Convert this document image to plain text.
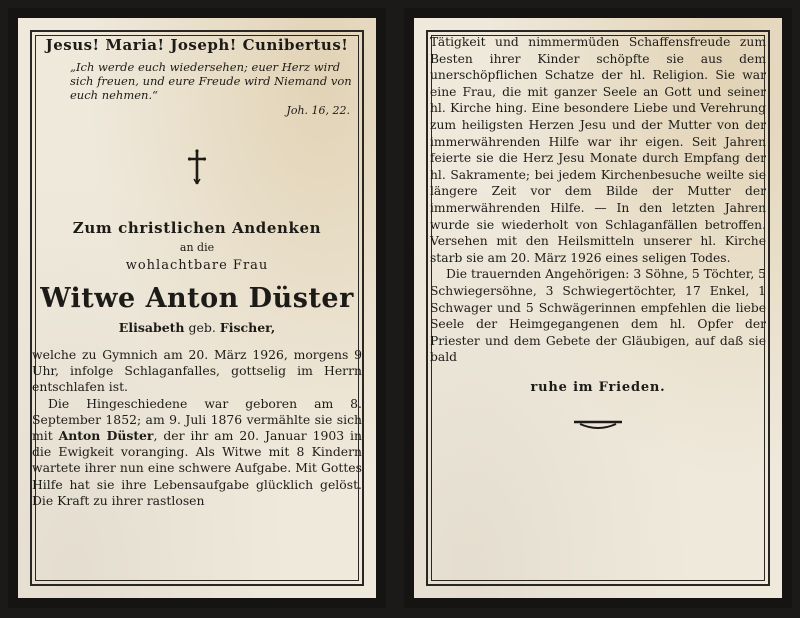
Jesus! Maria! Joseph! Cunibertus!
„Ich werde euch wiedersehen; euer Herz wird sich freuen, und eure Freude wird Niemand von euch nehmen.“
Joh. 16, 22.
Zum christlichen Andenken
an die
wohlachtbare Frau
Witwe Anton Düster
Elisabeth geb. Fischer,

welche zu Gymnich am 20. März 1926, morgens 9 Uhr, infolge Schlaganfalles, gottselig im Herrn entschlafen ist.

Die Hingeschiedene war geboren am 8. September 1852; am 9. Juli 1876 vermählte sie sich mit Anton Düster, der ihr am 20. Januar 1903 in die Ewigkeit voranging. Als Witwe mit 8 Kindern wartete ihrer nun eine schwere Aufgabe. Mit Gottes Hilfe hat sie ihre Lebensaufgabe glücklich gelöst. Die Kraft zu ihrer rastlosen

Tätigkeit und nimmermüden Schaffensfreude zum Besten ihrer Kinder schöpfte sie aus dem unerschöpflichen Schatze der hl. Religion. Sie war eine Frau, die mit ganzer Seele an Gott und seiner hl. Kirche hing. Eine besondere Liebe und Verehrung zum heiligsten Herzen Jesu und der Mutter von der immerwährenden Hilfe war ihr eigen. Seit Jahren feierte sie die Herz Jesu Monate durch Empfang der hl. Sakramente; bei jedem Kirchenbesuche weilte sie längere Zeit vor dem Bilde der Mutter der immerwährenden Hilfe. — In den letzten Jahren wurde sie wiederholt von Schlaganfällen betroffen. Versehen mit den Heilsmitteln unserer hl. Kirche starb sie am 20. März 1926 eines seligen Todes.

Die trauernden Angehörigen: 3 Söhne, 5 Töchter, 5 Schwiegersöhne, 3 Schwiegertöchter, 17 Enkel, 1 Schwager und 5 Schwägerinnen empfehlen die liebe Seele der Heimgegangenen dem hl. Opfer der Priester und dem Gebete der Gläubigen, auf daß sie bald

ruhe im Frieden.
